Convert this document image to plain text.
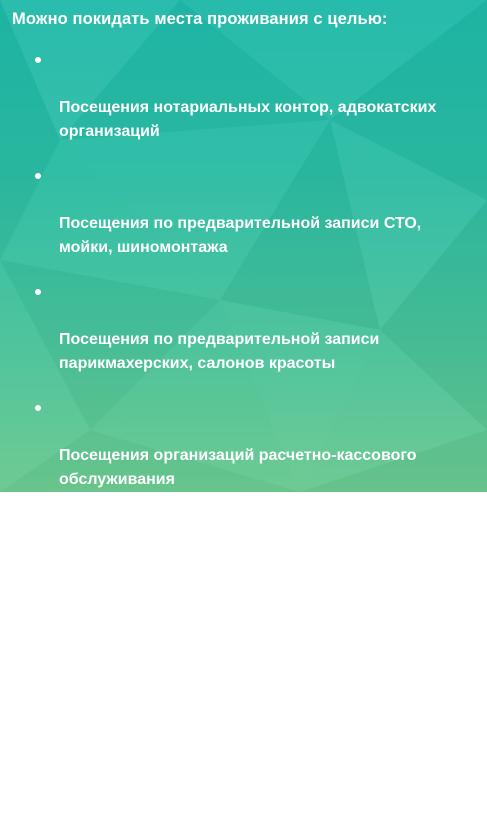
Можно покидать места проживания с целью:

Посещения нотариальных контор, адвокатских
организаций

Посещения по предварительной записи СТО,
мойки, шиномонтажа

Посещения по предварительной записи
парикмахерских, салонов красоты

Посещения организаций расчетно-кассового
обслуживания

Посещения организаций по предоставлению
фотоуслуг для документов

Посещения организаций по ремонту бытовой
техники и средств связи

Следования к загородным домам, дачам
